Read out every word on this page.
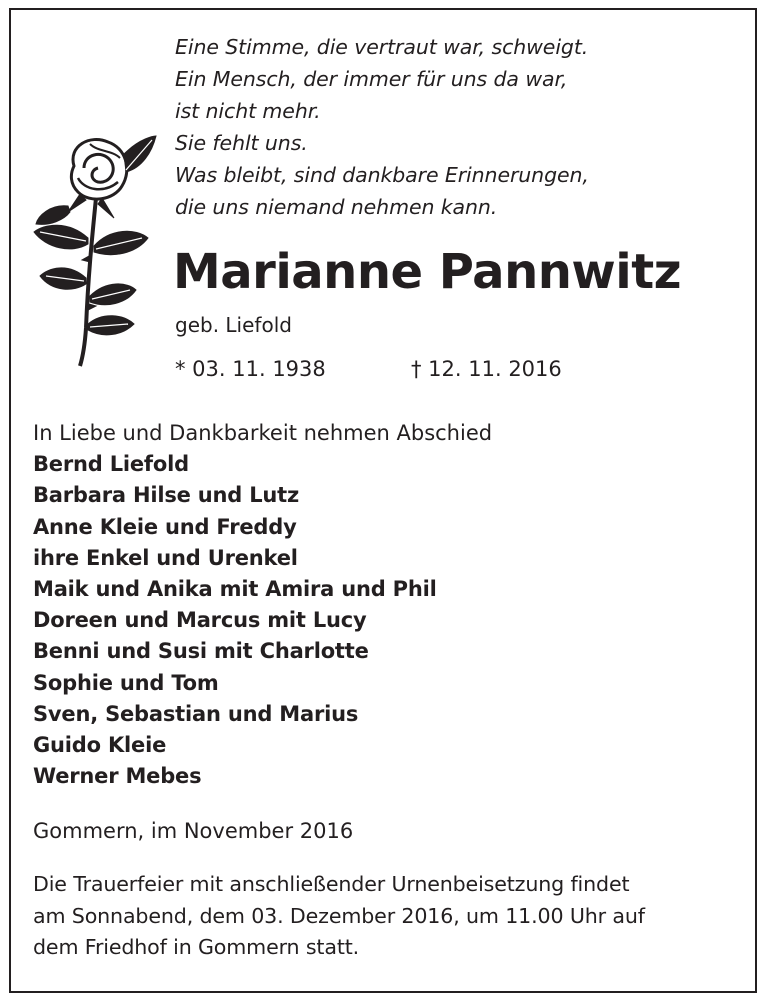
Eine Stimme, die vertraut war, schweigt.
Ein Mensch, der immer für uns da war,
ist nicht mehr.
Sie fehlt uns.
Was bleibt, sind dankbare Erinnerungen,
die uns niemand nehmen kann.
Marianne Pannwitz
geb. Liefold
* 03. 11. 1938	† 12. 11. 2016
In Liebe und Dankbarkeit nehmen Abschied
Bernd Liefold
Barbara Hilse und Lutz
Anne Kleie und Freddy
ihre Enkel und Urenkel
Maik und Anika mit Amira und Phil
Doreen und Marcus mit Lucy
Benni und Susi mit Charlotte
Sophie und Tom
Sven, Sebastian und Marius
Guido Kleie
Werner Mebes
Gommern, im November 2016
Die Trauerfeier mit anschließender Urnenbeisetzung findet
am Sonnabend, dem 03. Dezember 2016, um 11.00 Uhr auf
dem Friedhof in Gommern statt.
